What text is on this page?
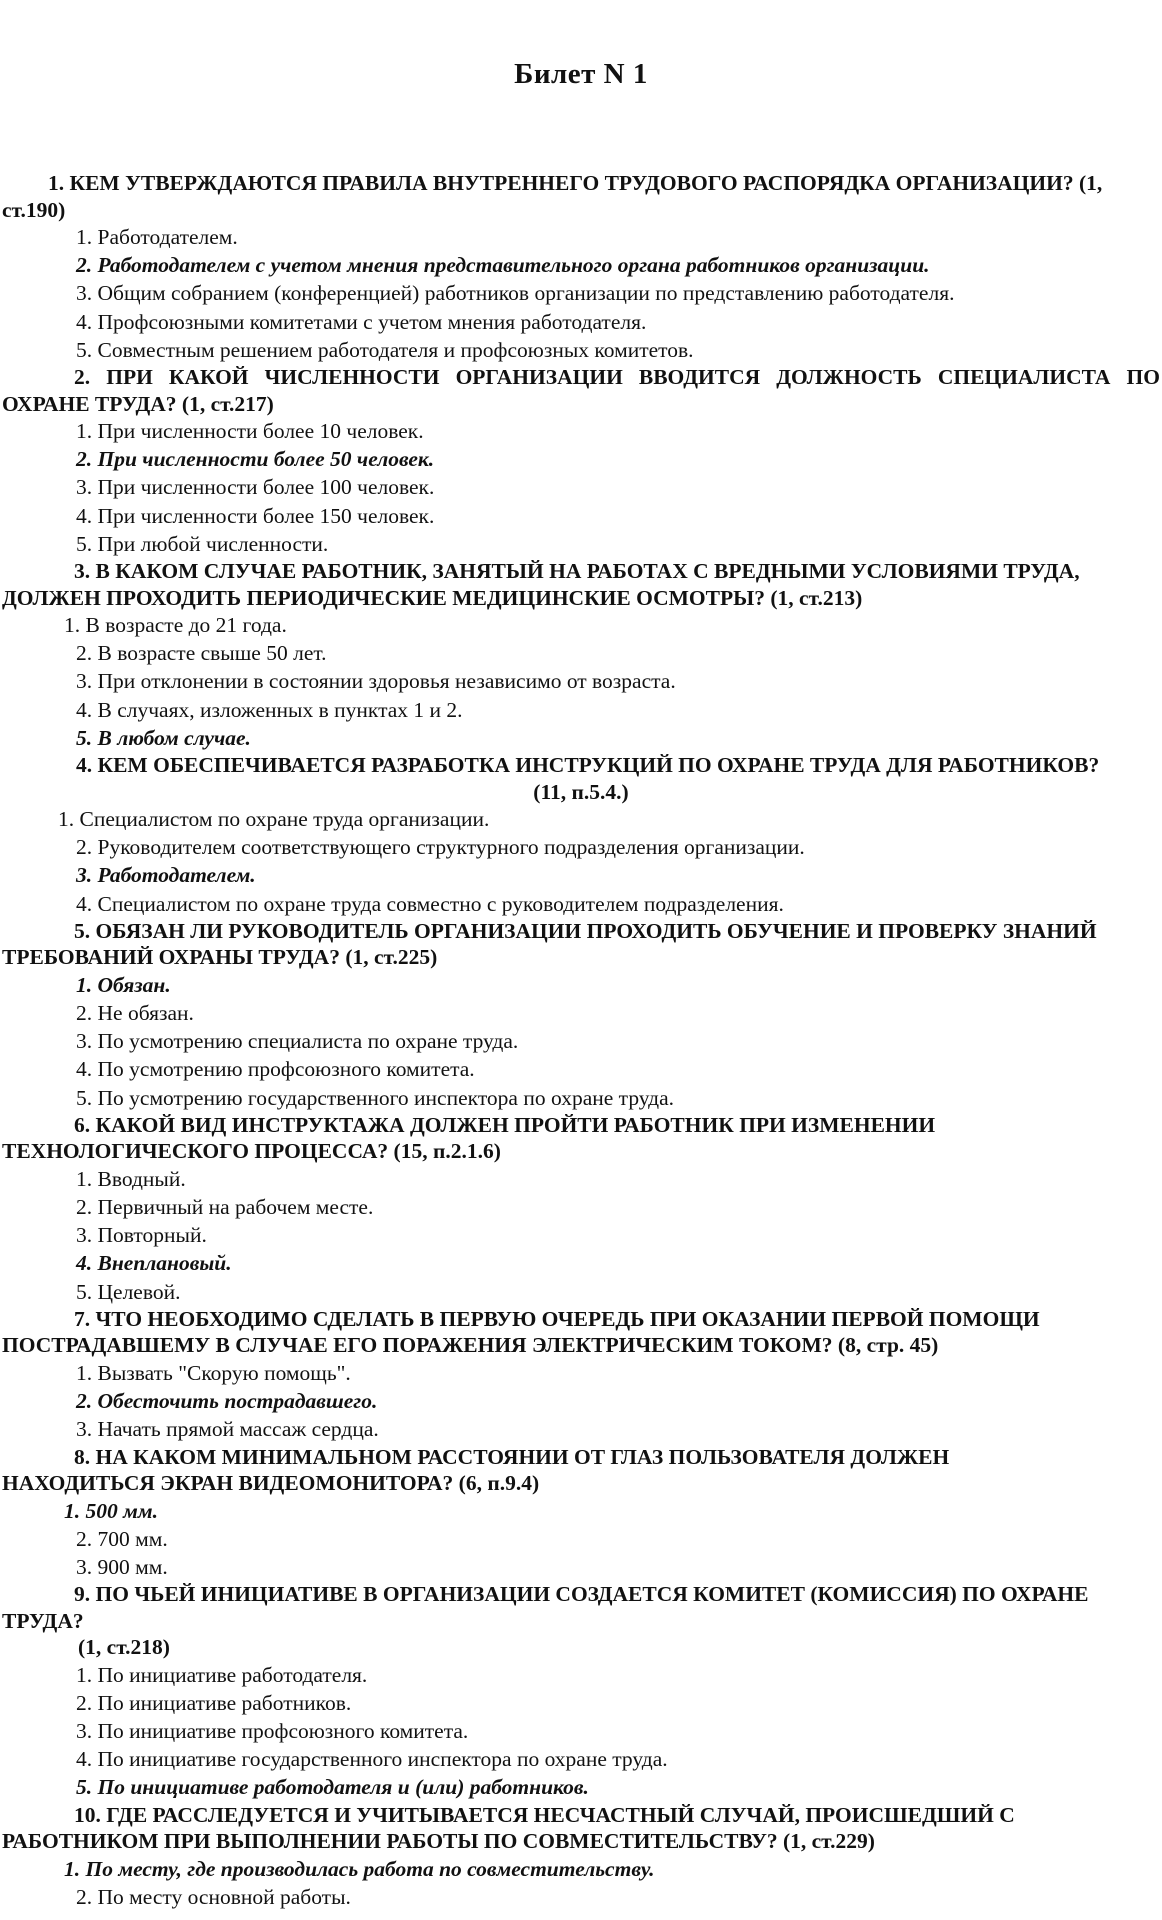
Билет N 1

1. КЕМ УТВЕРЖДАЮТСЯ ПРАВИЛА ВНУТРЕННЕГО ТРУДОВОГО РАСПОРЯДКА ОРГАНИЗАЦИИ? (1, ст.190)

1. Работодателем.

2. Работодателем с учетом мнения представительного органа работников организации.

3. Общим собранием (конференцией) работников организации по представлению работодателя.

4. Профсоюзными комитетами с учетом мнения работодателя.

5. Совместным решением работодателя и профсоюзных комитетов.

2. ПРИ КАКОЙ ЧИСЛЕННОСТИ ОРГАНИЗАЦИИ ВВОДИТСЯ ДОЛЖНОСТЬ СПЕЦИАЛИСТА ПО ОХРАНЕ ТРУДА? (1, ст.217)

1. При численности более 10 человек.

2. При численности более 50 человек.

3. При численности более 100 человек.

4. При численности более 150 человек.

5. При любой численности.

3. В КАКОМ СЛУЧАЕ РАБОТНИК, ЗАНЯТЫЙ НА РАБОТАХ С ВРЕДНЫМИ УСЛОВИЯМИ ТРУДА, ДОЛЖЕН ПРОХОДИТЬ ПЕРИОДИЧЕСКИЕ МЕДИЦИНСКИЕ ОСМОТРЫ? (1, ст.213)

1. В возрасте до 21 года.

2. В возрасте свыше 50 лет.

3. При отклонении в состоянии здоровья независимо от возраста.

4. В случаях, изложенных в пунктах 1 и 2.

5. В любом случае.

4. КЕМ ОБЕСПЕЧИВАЕТСЯ РАЗРАБОТКА ИНСТРУКЦИЙ ПО ОХРАНЕ ТРУДА ДЛЯ РАБОТНИКОВ?

(11, п.5.4.)

1. Специалистом по охране труда организации.

2. Руководителем соответствующего структурного подразделения организации.

3. Работодателем.

4. Специалистом по охране труда совместно с руководителем подразделения.

5. ОБЯЗАН ЛИ РУКОВОДИТЕЛЬ ОРГАНИЗАЦИИ ПРОХОДИТЬ ОБУЧЕНИЕ И ПРОВЕРКУ ЗНАНИЙ ТРЕБОВАНИЙ ОХРАНЫ ТРУДА? (1, ст.225)

1. Обязан.

2. Не обязан.

3. По усмотрению специалиста по охране труда.

4. По усмотрению профсоюзного комитета.

5. По усмотрению государственного инспектора по охране труда.

6. КАКОЙ ВИД ИНСТРУКТАЖА ДОЛЖЕН ПРОЙТИ РАБОТНИК ПРИ ИЗМЕНЕНИИ ТЕХНОЛОГИЧЕСКОГО ПРОЦЕССА? (15, п.2.1.6)

1. Вводный.

2. Первичный на рабочем месте.

3. Повторный.

4. Внеплановый.

5. Целевой.

7. ЧТО НЕОБХОДИМО СДЕЛАТЬ В ПЕРВУЮ ОЧЕРЕДЬ ПРИ ОКАЗАНИИ ПЕРВОЙ ПОМОЩИ ПОСТРАДАВШЕМУ В СЛУЧАЕ ЕГО ПОРАЖЕНИЯ ЭЛЕКТРИЧЕСКИМ ТОКОМ? (8, стр. 45)

1. Вызвать "Скорую помощь".

2. Обесточить пострадавшего.

3. Начать прямой массаж сердца.

8. НА КАКОМ МИНИМАЛЬНОМ РАССТОЯНИИ ОТ ГЛАЗ ПОЛЬЗОВАТЕЛЯ ДОЛЖЕН НАХОДИТЬСЯ ЭКРАН ВИДЕОМОНИТОРА? (6, п.9.4)

1. 500 мм.

2. 700 мм.

3. 900 мм.

9. ПО ЧЬЕЙ ИНИЦИАТИВЕ В ОРГАНИЗАЦИИ СОЗДАЕТСЯ КОМИТЕТ (КОМИССИЯ) ПО ОХРАНЕ ТРУДА?

(1, ст.218)

1. По инициативе работодателя.

2. По инициативе работников.

3. По инициативе профсоюзного комитета.

4. По инициативе государственного инспектора по охране труда.

5. По инициативе работодателя и (или) работников.

10. ГДЕ РАССЛЕДУЕТСЯ И УЧИТЫВАЕТСЯ НЕСЧАСТНЫЙ СЛУЧАЙ, ПРОИСШЕДШИЙ С РАБОТНИКОМ ПРИ ВЫПОЛНЕНИИ РАБОТЫ ПО СОВМЕСТИТЕЛЬСТВУ? (1, ст.229)

1. По месту, где производилась работа по совместительству.

2. По месту основной работы.
